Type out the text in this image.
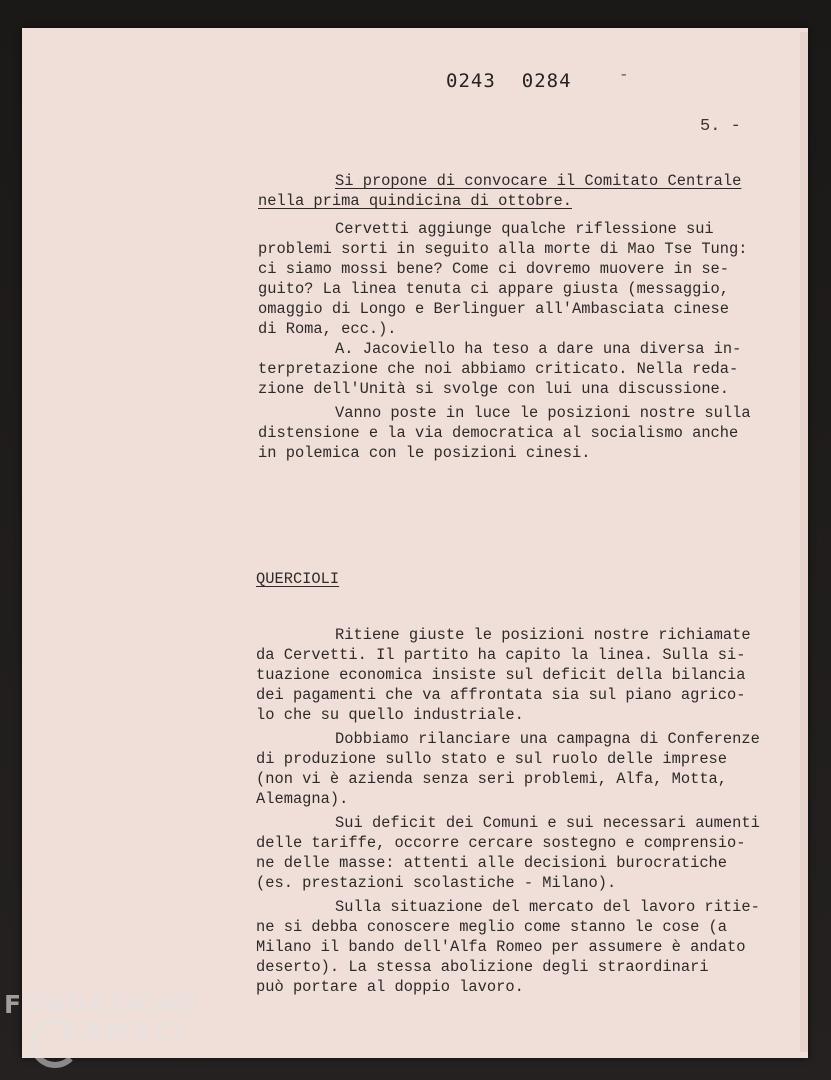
0243 0284	-
5. -
Si propone di convocare il Comitato Centrale
nella prima quindicina di ottobre.
Cervetti aggiunge qualche riflessione sui
problemi sorti in seguito alla morte di Mao Tse Tung:
ci siamo mossi bene? Come ci dovremo muovere in se-
guito? La linea tenuta ci appare giusta (messaggio,
omaggio di Longo e Berlinguer all'Ambasciata cinese
di Roma, ecc.).
A. Jacoviello ha teso a dare una diversa in-
terpretazione che noi abbiamo criticato. Nella reda-
zione dell'Unità si svolge con lui una discussione.
Vanno poste in luce le posizioni nostre sulla
distensione e la via democratica al socialismo anche
in polemica con le posizioni cinesi.
QUERCIOLI
Ritiene giuste le posizioni nostre richiamate
da Cervetti. Il partito ha capito la linea. Sulla si-
tuazione economica insiste sul deficit della bilancia
dei pagamenti che va affrontata sia sul piano agrico-
lo che su quello industriale.
Dobbiamo rilanciare una campagna di Conferenze
di produzione sullo stato e sul ruolo delle imprese
(non vi è azienda senza seri problemi, Alfa, Motta,
Alemagna).
Sui deficit dei Comuni e sui necessari aumenti
delle tariffe, occorre cercare sostegno e comprensio-
ne delle masse: attenti alle decisioni burocratiche
(es. prestazioni scolastiche - Milano).
Sulla situazione del mercato del lavoro ritie-
ne si debba conoscere meglio come stanno le cose (a
Milano il bando dell'Alfa Romeo per assumere è andato
deserto). La stessa abolizione degli straordinari
può portare al doppio lavoro.
FONDAZIONE
RAMSCI
onlus
